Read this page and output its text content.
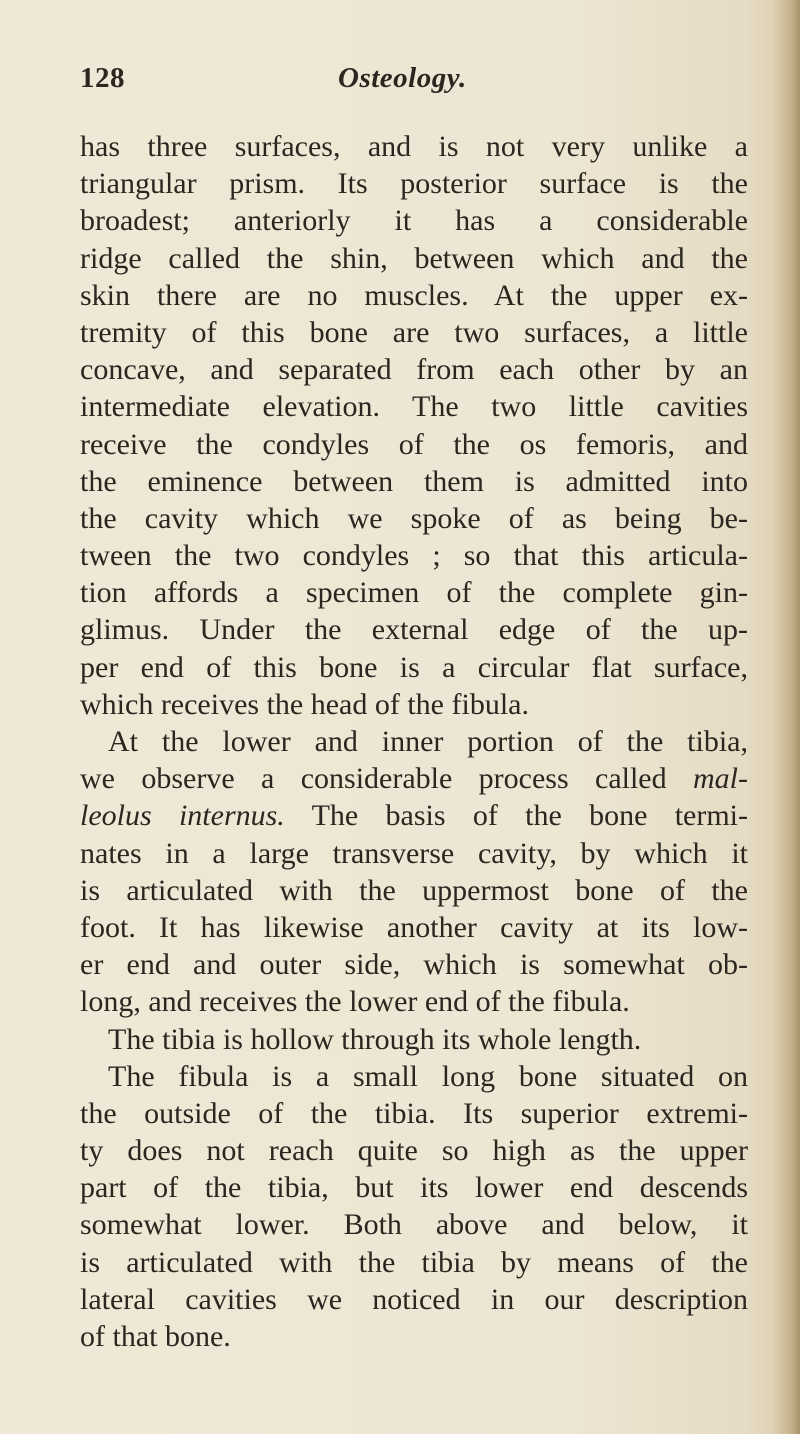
128	Osteology.
has three surfaces, and is not very unlike a
triangular prism. Its posterior surface is the
broadest; anteriorly it has a considerable
ridge called the shin, between which and the
skin there are no muscles. At the upper ex-
tremity of this bone are two surfaces, a little
concave, and separated from each other by an
intermediate elevation. The two little cavities
receive the condyles of the os femoris, and
the eminence between them is admitted into
the cavity which we spoke of as being be-
tween the two condyles ; so that this articula-
tion affords a specimen of the complete gin-
glimus. Under the external edge of the up-
per end of this bone is a circular flat surface,
which receives the head of the fibula.
At the lower and inner portion of the tibia,
we observe a considerable process called mal-
leolus internus. The basis of the bone termi-
nates in a large transverse cavity, by which it
is articulated with the uppermost bone of the
foot. It has likewise another cavity at its low-
er end and outer side, which is somewhat ob-
long, and receives the lower end of the fibula.
The tibia is hollow through its whole length.
The fibula is a small long bone situated on
the outside of the tibia. Its superior extremi-
ty does not reach quite so high as the upper
part of the tibia, but its lower end descends
somewhat lower. Both above and below, it
is articulated with the tibia by means of the
lateral cavities we noticed in our description
of that bone.
